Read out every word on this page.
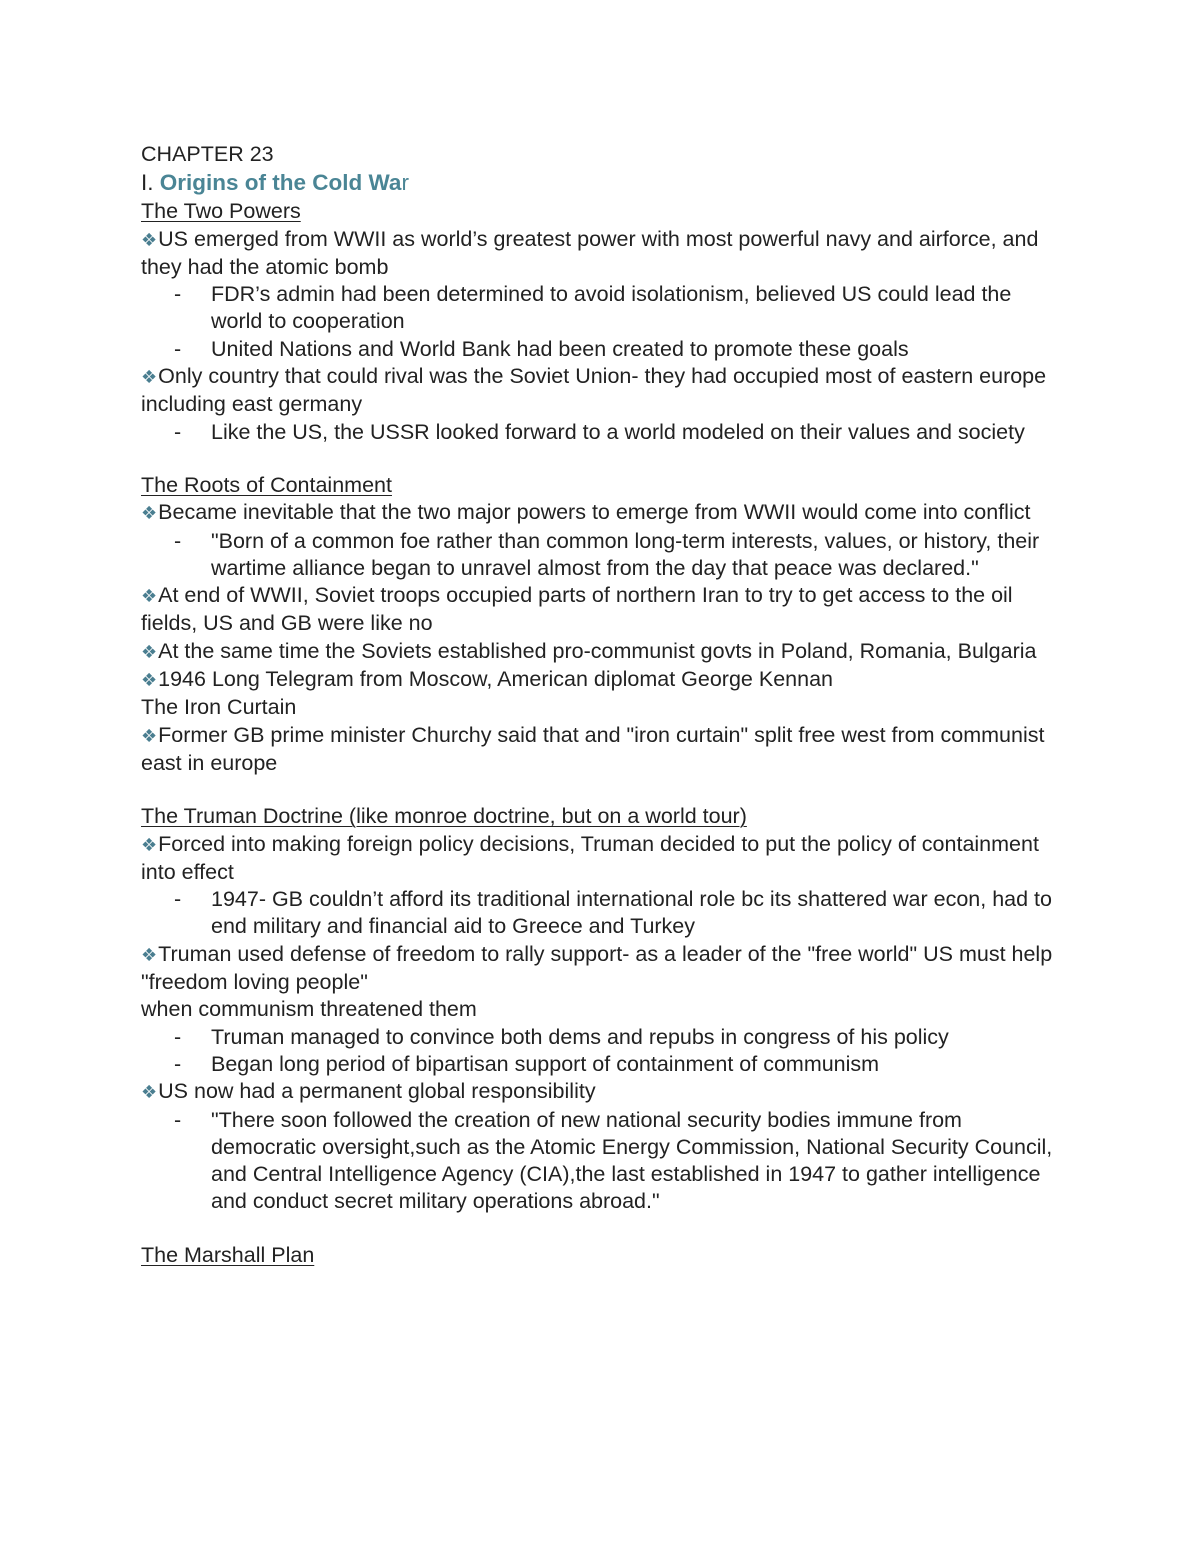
CHAPTER 23
I. Origins of the Cold War
The Two Powers
❖US emerged from WWII as world’s greatest power with most powerful navy and airforce, and they had the atomic bomb
-	FDR’s admin had been determined to avoid isolationism, believed US could lead the world to cooperation
-	United Nations and World Bank had been created to promote these goals
❖Only country that could rival was the Soviet Union- they had occupied most of eastern europe including east germany
-	Like the US, the USSR looked forward to a world modeled on their values and society
The Roots of Containment
❖Became inevitable that the two major powers to emerge from WWII would come into conflict
-	"Born of a common foe rather than common long-term interests, values, or history, their wartime alliance began to unravel almost from the day that peace was declared."
❖At end of WWII, Soviet troops occupied parts of northern Iran to try to get access to the oil fields, US and GB were like no
❖At the same time the Soviets established pro-communist govts in Poland, Romania, Bulgaria
❖1946 Long Telegram from Moscow, American diplomat George Kennan
The Iron Curtain
❖Former GB prime minister Churchy said that and "iron curtain" split free west from communist east in europe
The Truman Doctrine (like monroe doctrine, but on a world tour)
❖Forced into making foreign policy decisions, Truman decided to put the policy of containment into effect
-	1947- GB couldn’t afford its traditional international role bc its shattered war econ, had to end military and financial aid to Greece and Turkey
❖Truman used defense of freedom to rally support- as a leader of the "free world" US must help "freedom loving people"
when communism threatened them
-	Truman managed to convince both dems and repubs in congress of his policy
-	Began long period of bipartisan support of containment of communism
❖US now had a permanent global responsibility
-	"There soon followed the creation of new national security bodies immune from democratic oversight,such as the Atomic Energy Commission, National Security Council, and Central Intelligence Agency (CIA),the last established in 1947 to gather intelligence and conduct secret military operations abroad."
The Marshall Plan
